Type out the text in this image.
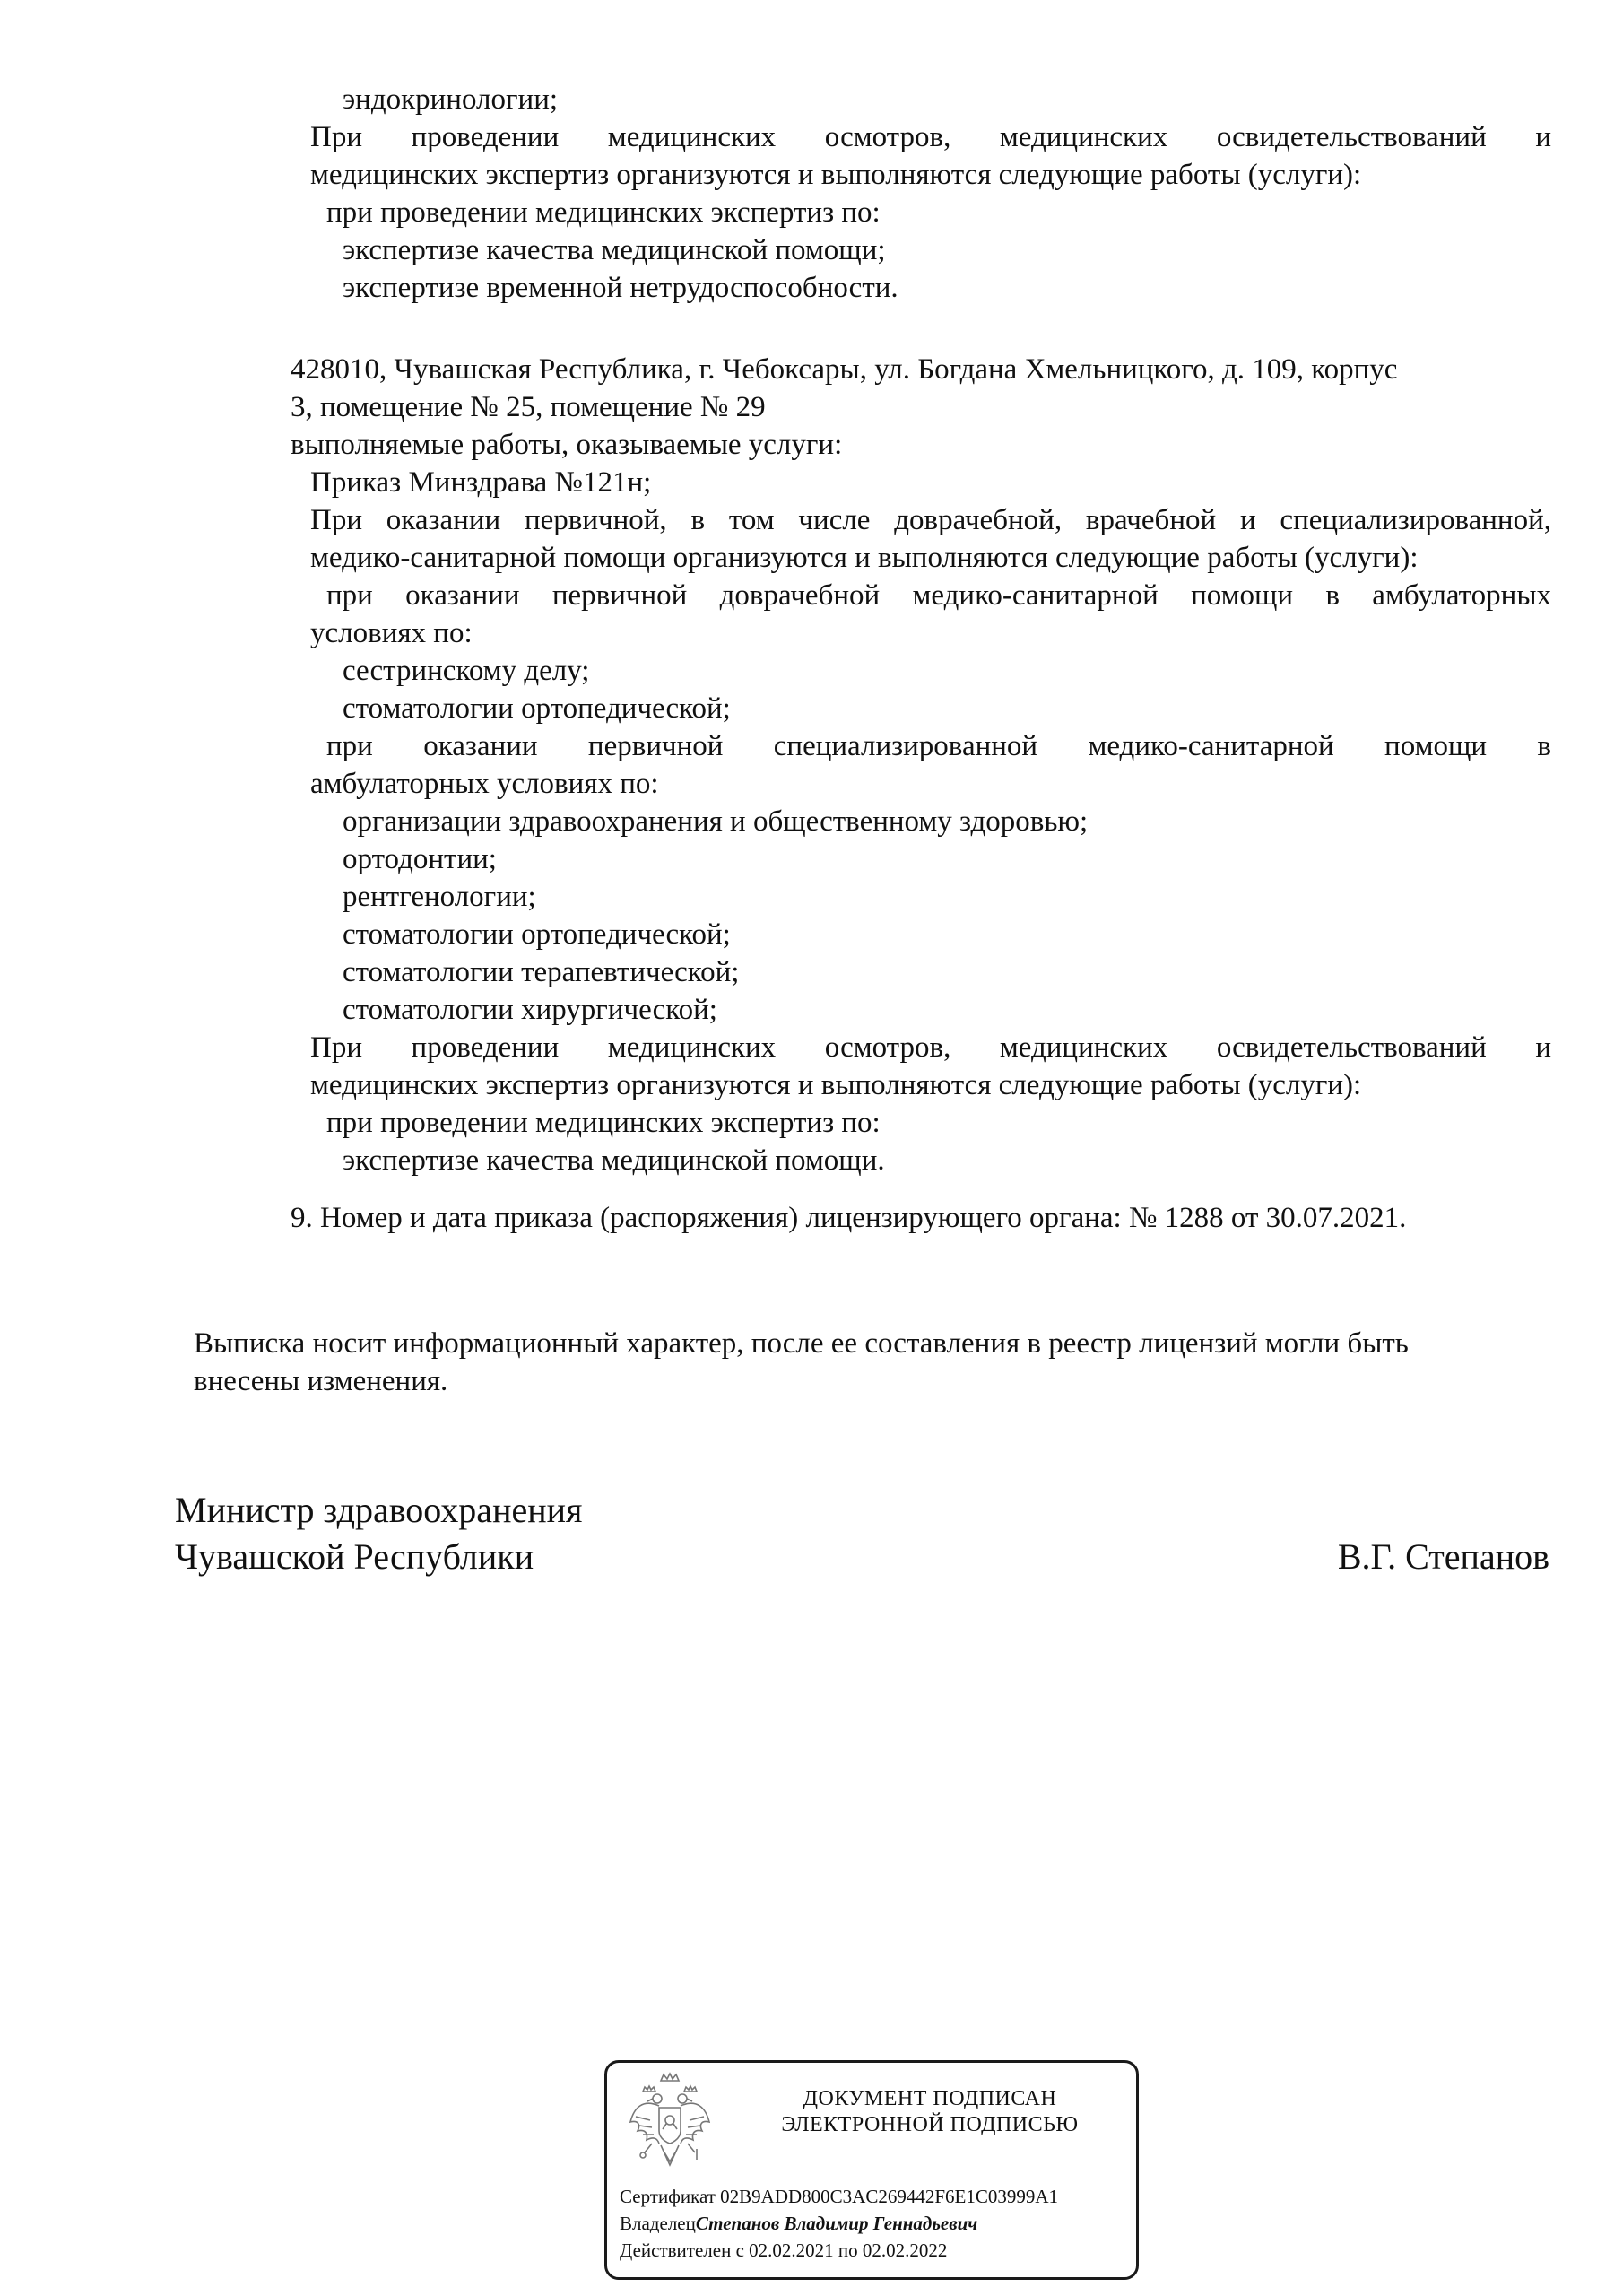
эндокринологии;
При проведении медицинских осмотров, медицинских освидетельствований и
медицинских экспертиз организуются и выполняются следующие работы (услуги):
при проведении медицинских экспертиз по:
экспертизе качества медицинской помощи;
экспертизе временной нетрудоспособности.
428010, Чувашская Республика, г. Чебоксары, ул. Богдана Хмельницкого, д. 109, корпус
3, помещение № 25, помещение № 29
выполняемые работы, оказываемые услуги:
Приказ Минздрава №121н;
При оказании первичной, в том числе доврачебной, врачебной и специализированной,
медико-санитарной помощи организуются и выполняются следующие работы (услуги):
при оказании первичной доврачебной медико-санитарной помощи в амбулаторных
условиях по:
сестринскому делу;
стоматологии ортопедической;
при оказании первичной специализированной медико-санитарной помощи в
амбулаторных условиях по:
организации здравоохранения и общественному здоровью;
ортодонтии;
рентгенологии;
стоматологии ортопедической;
стоматологии терапевтической;
стоматологии хирургической;
При проведении медицинских осмотров, медицинских освидетельствований и
медицинских экспертиз организуются и выполняются следующие работы (услуги):
при проведении медицинских экспертиз по:
экспертизе качества медицинской помощи.
9. Номер и дата приказа (распоряжения) лицензирующего органа: № 1288 от 30.07.2021.
Выписка носит информационный характер, после ее составления в реестр лицензий могли быть
внесены изменения.
Министр здравоохранения
Чувашской Республики	В.Г. Степанов
ДОКУМЕНТ ПОДПИСАН
ЭЛЕКТРОННОЙ ПОДПИСЬЮ
Сертификат 02B9ADD800C3AC269442F6E1C03999A1
ВладелецСтепанов Владимир Геннадьевич
Действителен с 02.02.2021 по 02.02.2022
